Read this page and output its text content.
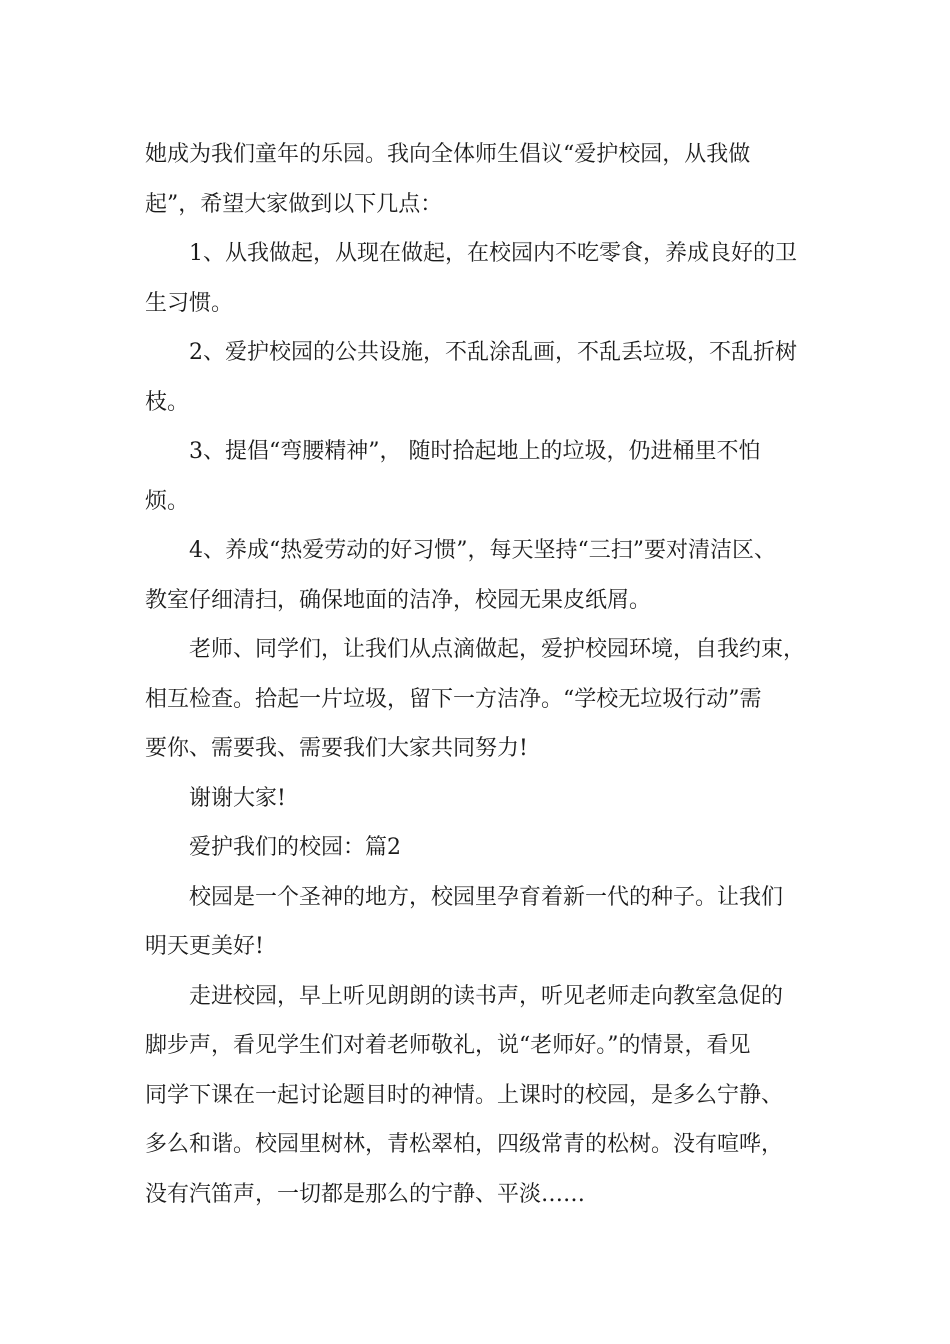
她成为我们童年的乐园。我向全体师生倡议“爱护校园，从我做
起”，希望大家做到以下几点：
1、从我做起，从现在做起，在校园内不吃零食，养成良好的卫
生习惯。
2、爱护校园的公共设施，不乱涂乱画，不乱丢垃圾，不乱折树
枝。
3、提倡“弯腰精神”， 随时拾起地上的垃圾，仍进桶里不怕
烦。
4、养成“热爱劳动的好习惯”，每天坚持“三扫”要对清洁区、
教室仔细清扫，确保地面的洁净，校园无果皮纸屑。
老师、同学们，让我们从点滴做起，爱护校园环境，自我约束，
相互检查。拾起一片垃圾，留下一方洁净。“学校无垃圾行动”需
要你、需要我、需要我们大家共同努力!
谢谢大家!
爱护我们的校园：篇2
校园是一个圣神的地方，校园里孕育着新一代的种子。让我们
明天更美好!
走进校园，早上听见朗朗的读书声，听见老师走向教室急促的
脚步声，看见学生们对着老师敬礼，说“老师好。”的情景，看见
同学下课在一起讨论题目时的神情。上课时的校园，是多么宁静、
多么和谐。校园里树林，青松翠柏，四级常青的松树。没有喧哗，
没有汽笛声，一切都是那么的宁静、平淡……
